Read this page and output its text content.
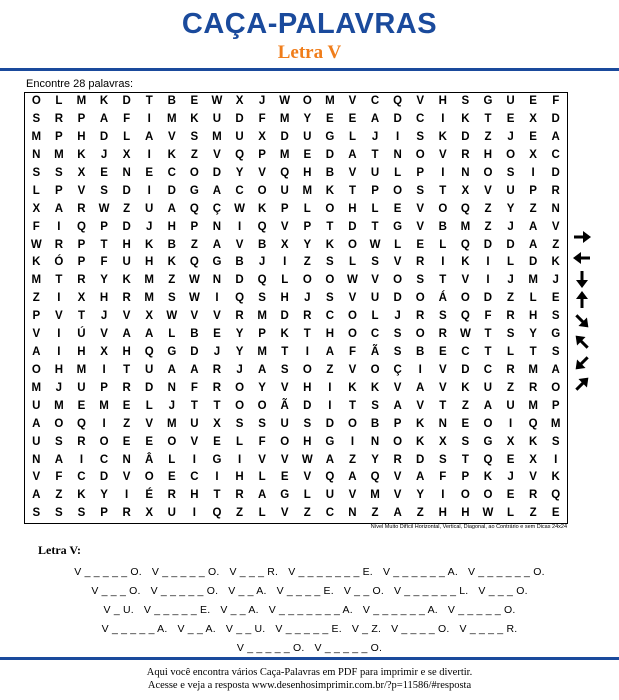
CAÇA-PALAVRAS
Letra V
Encontre 28 palavras:
O	L	M	K	D	T	B	E	W	X	J	W	O	M	V	C	Q	V	H	S	G	U	E	F
S	R	P	A	F	I	M	K	U	D	F	M	Y	E	E	A	D	C	I	K	T	E	X	D
M	P	H	D	L	A	V	S	M	U	X	D	U	G	L	J	I	S	K	D	Z	J	E	A
N	M	K	J	X	I	K	Z	V	Q	P	M	E	D	A	T	N	O	V	R	H	O	X	C
S	S	X	E	N	E	C	O	D	Y	V	Q	H	B	V	U	L	P	I	N	O	S	I	D
L	P	V	S	D	I	D	G	A	C	O	U	M	K	T	P	O	S	T	X	V	U	P	R
X	A	R	W	Z	U	A	Q	Ç	W	K	P	L	O	H	L	E	V	O	Q	Z	Y	Z	N
F	I	Q	P	D	J	H	P	N	I	Q	V	P	T	D	T	G	V	B	M	Z	J	A	V
W	R	P	T	H	K	B	Z	A	V	B	X	Y	K	O	W	L	E	L	Q	D	D	A	Z
K	Ó	P	F	U	H	K	Q	G	B	J	I	Z	S	L	S	V	R	I	K	I	L	D	K
M	T	R	Y	K	M	Z	W	N	D	Q	L	O	O	W	V	O	S	T	V	I	J	M	J
Z	I	X	H	R	M	S	W	I	Q	S	H	J	S	V	U	D	O	Á	O	D	Z	L	E
P	V	T	J	V	X	W	V	V	R	M	D	R	C	O	L	J	R	S	Q	F	R	H	S
V	I	Ú	V	A	A	L	B	E	Y	P	K	T	H	O	C	S	O	R	W	T	S	Y	G
A	I	H	X	H	Q	G	D	J	Y	M	T	I	A	F	Ã	S	B	E	C	T	L	T	S
O	H	M	I	T	U	A	A	R	J	A	S	O	Z	V	O	Ç	I	V	D	C	R	M	A
M	J	U	P	R	D	N	F	R	O	Y	V	H	I	K	K	V	A	V	K	U	Z	R	O
U	M	E	M	E	L	J	T	T	O	O	Ã	D	I	T	S	A	V	T	Z	A	U	M	P
A	O	Q	I	Z	V	M	U	X	S	S	U	S	D	O	B	P	K	N	E	O	I	Q	M
U	S	R	O	E	E	O	V	E	L	F	O	H	G	I	N	O	K	X	S	G	X	K	S
N	A	I	C	N	Â	L	I	G	I	V	V	W	A	Z	Y	R	D	S	T	Q	E	X	I
V	F	C	D	V	O	E	C	I	H	L	E	V	Q	A	Q	V	A	F	P	K	J	V	K
A	Z	K	Y	I	É	R	H	T	R	A	G	L	U	V	M	V	Y	I	O	O	E	R	Q
S	S	S	P	R	X	U	I	Q	Z	L	V	Z	C	N	Z	A	Z	H	H	W	L	Z	E
Nível Muito Difícil Horizontal, Vertical, Diagonal, ao Contrário e sem Dicas 24x24
Letra V:
V _ _ _ _ _ O. V _ _ _ _ _ O. V _ _ _ R. V _ _ _ _ _ _ _ E. V _ _ _ _ _ _ A. V _ _ _ _ _ _ O.
V _ _ _ O. V _ _ _ _ _ O. V _ _ A. V _ _ _ _ E. V _ _ O. V _ _ _ _ _ _ L. V _ _ _ O.
V _ U. V _ _ _ _ _ E. V _ _ A. V _ _ _ _ _ _ _ A. V _ _ _ _ _ _ A. V _ _ _ _ _ O.
V _ _ _ _ _ A. V _ _ A. V _ _ U. V _ _ _ _ _ E. V _ Z. V _ _ _ _ O. V _ _ _ _ R.
V _ _ _ _ _ O. V _ _ _ _ _ O.
Aqui você encontra vários Caça-Palavras em PDF para imprimir e se divertir.
Acesse e veja a resposta www.desenhosimprimir.com.br/?p=11586/#resposta
